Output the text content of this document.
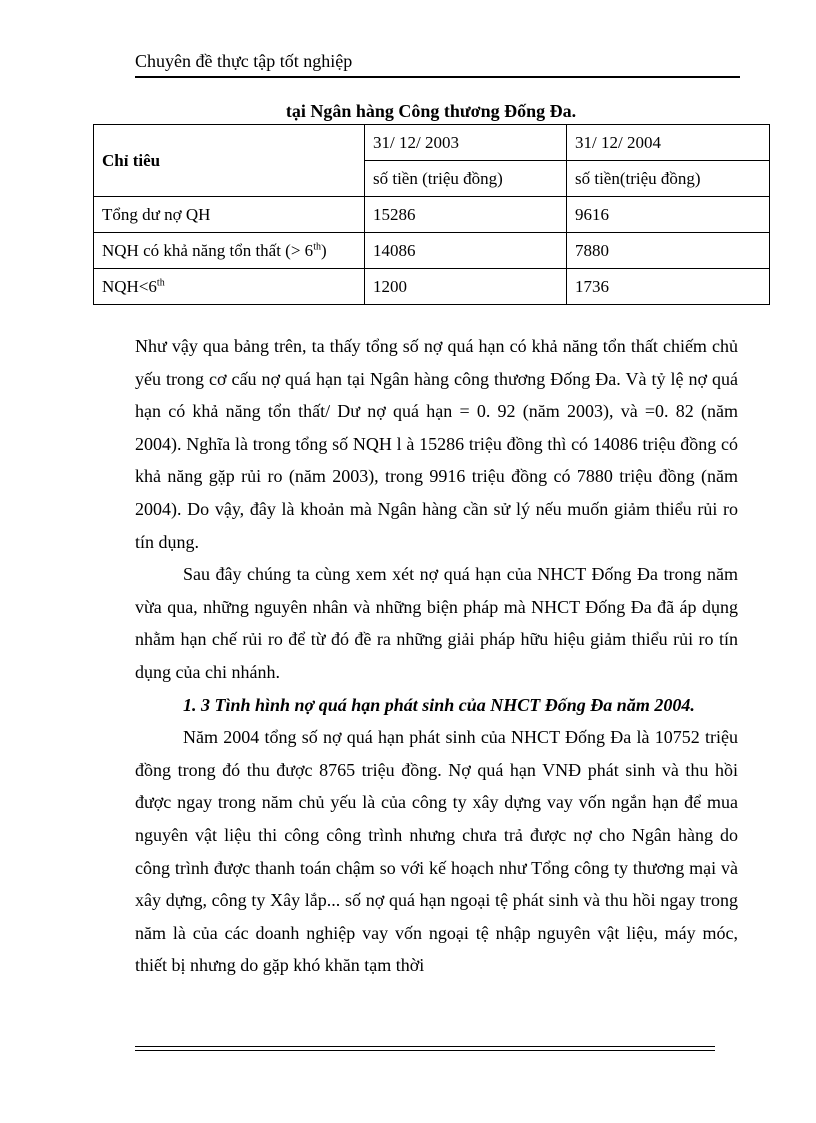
Chuyên đề thực tập tốt nghiệp
tại Ngân hàng Công thương Đống Đa.
Chỉ tiêu	31/ 12/ 2003	31/ 12/ 2004
	số tiền (triệu đồng)	số tiền(triệu đồng)
Tổng dư nợ QH	15286	9616
NQH có khả năng tổn thất (> 6th)	14086	7880
NQH<6th	1200	1736

Như vậy qua bảng trên, ta thấy tổng số nợ quá hạn có khả năng tổn thất chiếm chủ yếu trong cơ cấu nợ quá hạn tại Ngân hàng công thương Đống Đa. Và tỷ lệ nợ quá hạn có khả năng tổn thất/ Dư nợ quá hạn = 0. 92 (năm 2003), và =0. 82 (năm 2004). Nghĩa là trong tổng số NQH l à 15286 triệu đồng thì có 14086 triệu đồng có khả năng gặp rủi ro (năm 2003), trong 9916 triệu đồng có 7880 triệu đồng (năm 2004). Do vậy, đây là khoản mà Ngân hàng cần sử lý nếu muốn giảm thiểu rủi ro tín dụng.

Sau đây chúng ta cùng xem xét nợ quá hạn của NHCT Đống Đa trong năm vừa qua, những nguyên nhân và những biện pháp mà NHCT Đống Đa đã áp dụng nhằm hạn chế rủi ro để từ đó đề ra những giải pháp hữu hiệu giảm thiểu rủi ro tín dụng của chi nhánh.

1. 3 Tình hình nợ quá hạn phát sinh của NHCT Đống Đa năm 2004.

Năm 2004 tổng số nợ quá hạn phát sinh của NHCT Đống Đa là 10752 triệu đồng trong đó thu được 8765 triệu đồng. Nợ quá hạn VNĐ phát sinh và thu hồi được ngay trong năm chủ yếu là của công ty xây dựng vay vốn ngắn hạn để mua nguyên vật liệu thi công công trình nhưng chưa trả được nợ cho Ngân hàng do công trình được thanh toán chậm so với kế hoạch như Tổng công ty thương mại và xây dựng, công ty Xây lắp... số nợ quá hạn ngoại tệ phát sinh và thu hồi ngay trong năm là của các doanh nghiệp vay vốn ngoại tệ nhập nguyên vật liệu, máy móc, thiết bị nhưng do gặp khó khăn tạm thời
